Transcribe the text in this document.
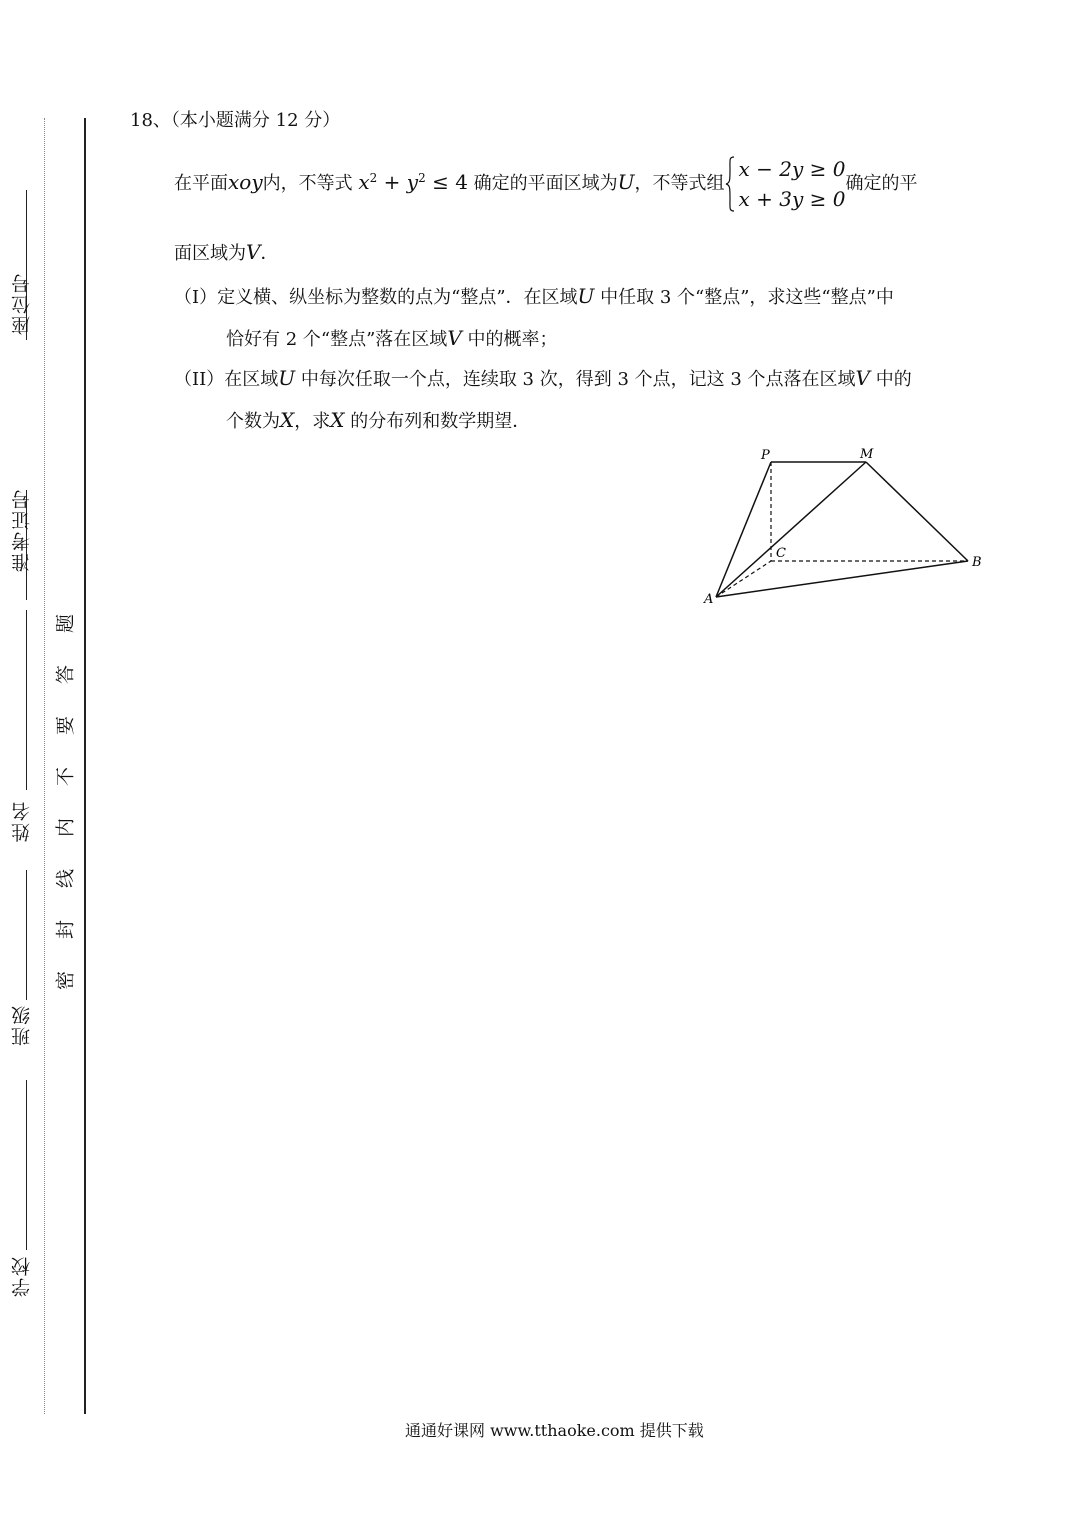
座位号
准考证号
姓名
班级
学校
题
答
要
不
内
线
封
密
18、（本小题满分 12 分）
在平面xoy内，不等式 $x^2 + y^2 \le 4$ 确定的平面区域为U，不等式组
x − 2y ≥ 0
x + 3y ≥ 0
确定的平
面区域为V．
（Ⅰ）定义横、纵坐标为整数的点为“整点”．在区域U 中任取 3 个“整点”，求这些“整点”中
恰好有 2 个“整点”落在区域V 中的概率；
（II）在区域U 中每次任取一个点，连续取 3 次，得到 3 个点，记这 3 个点落在区域V 中的
个数为X，求X 的分布列和数学期望．
P	M
C
B
A
通通好课网 www.tthaoke.com 提供下载
